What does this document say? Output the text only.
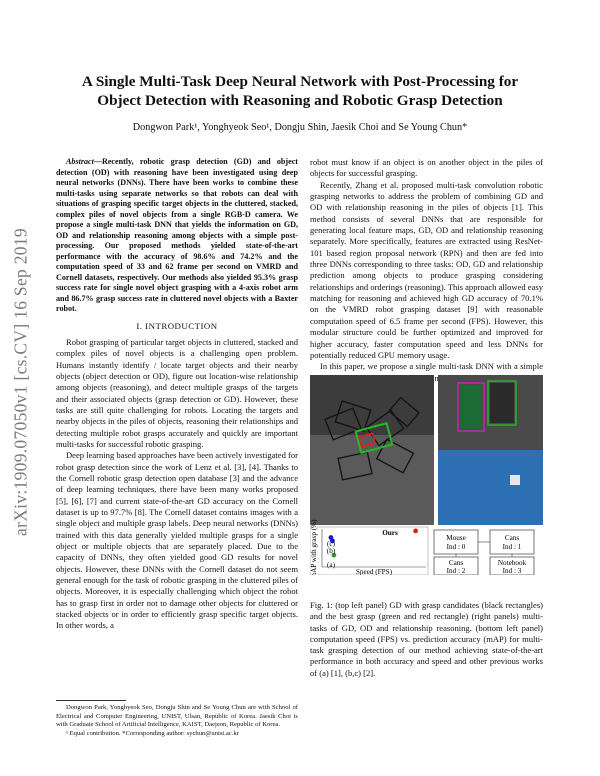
arXiv:1909.07050v1 [cs.CV] 16 Sep 2019
A Single Multi-Task Deep Neural Network with Post-Processing for Object Detection with Reasoning and Robotic Grasp Detection
Dongwon Park¹, Yonghyeok Seo¹, Dongju Shin, Jaesik Choi and Se Young Chun*

Abstract—Recently, robotic grasp detection (GD) and object detection (OD) with reasoning have been investigated using deep neural networks (DNNs). There have been works to combine these multi-tasks using separate networks so that robots can deal with situations of grasping specific target objects in the cluttered, stacked, complex piles of novel objects from a single RGB-D camera. We propose a single multi-task DNN that yields the information on GD, OD and relationship reasoning among objects with a simple post-processing. Our proposed methods yielded state-of-the-art performance with the accuracy of 98.6% and 74.2% and the computation speed of 33 and 62 frame per second on VMRD and Cornell datasets, respectively. Our methods also yielded 95.3% grasp success rate for single novel object grasping with a 4-axis robot arm and 86.7% grasp success rate in cluttered novel objects with a Baxter robot.

I. INTRODUCTION

Robot grasping of particular target objects in cluttered, stacked and complex piles of novel objects is a challenging open problem. Humans instantly identify / locate target objects and their nearby objects (object detection or OD), figure out location-wise relationship among objects (reasoning), and detect multiple grasps of the targets and their associated objects (grasp detection or GD). However, these tasks are still quite challenging for robots. Locating the targets and nearby objects in the piles of objects, reasoning their relationships and detecting multiple robot grasps accurately and quickly are important multi-tasks for successful robotic grasping.

Deep learning based approaches have been actively investigated for robot grasp detection since the work of Lenz et al. [3], [4]. Thanks to the Cornell robotic grasp detection open database [3] and the advance of deep learning techniques, there have been many works proposed [5], [6], [7] and current state-of-the-art GD accuracy on the Cornell dataset is up to 97.7% [8]. The Cornell dataset contains images with a single object and multiple grasp labels. Deep neural networks (DNNs) trained with this data generally yielded multiple grasps for a single object or multiple objects that are separately placed. Due to the capacity of DNNs, they often yielded good GD results for novel objects. However, these DNNs with the Cornell dataset do not seem general enough for the task of robotic grasping in the cluttered piles of objects. Moreover, it is especially challenging which object the robot has to grasp first in order not to damage other objects for cluttered or stacked objects or in order to efficiently grasp specific target objects. In other words, a

Dongwon Park, Yonghyeok Seo, Dongju Shin and Se Young Chun are with School of Electrical and Computer Engineering, UNIST, Ulsan, Republic of Korea. Jaesik Choi is with Graduate School of Artificial Intelligence, KAIST, Daejeon, Republic of Korea.
¹ Equal contribution. *Corresponding author: sychun@unist.ac.kr

robot must know if an object is on another object in the piles of objects for successful grasping.

Recently, Zhang et al. proposed multi-task convolution robotic grasping networks to address the problem of combining GD and OD with relationship reasoning in the piles of objects [1]. This method consists of several DNNs that are responsible for generating local feature maps, GD, OD and relationship reasoning separately. More specifically, features are extracted using ResNet-101 based region proposal network (RPN) and then are fed into three DNNs corresponding to three tasks: OD, GD and relationship prediction among objects to produce grasping considering relationships and orderings (reasoning). This approach allowed easy matching for reasoning and achieved high GD accuracy of 70.1% on the VMRD robot grasping dataset [9] with reasonable computation speed of 6.5 frame per second (FPS). However, this modular structure could be further optimized and improved for higher accuracy, faster computation speed and less DNNs for potentially reduced GPU memory usage.

In this paper, we propose a single multi-task DNN with a simple

mAP with grasp (%)	Speed (FPS)
Ours
(c)
(b)
(a)
Mouse
Ind : 0
Cans
Ind : 1
Cans
Ind : 2
Notebook
Ind : 3
Fig. 1: (top left panel) GD with grasp candidates (black rectangles) and the best grasp (green and red rectangle) (right panels) multi-tasks of GD, OD and relationship reasoning. (bottom left panel) computation speed (FPS) vs. prediction accuracy (mAP) for multi-task grasping detection of our method achieving state-of-the-art performance in both accuracy and speed and other previous works of (a) [1], (b,c) [2].
